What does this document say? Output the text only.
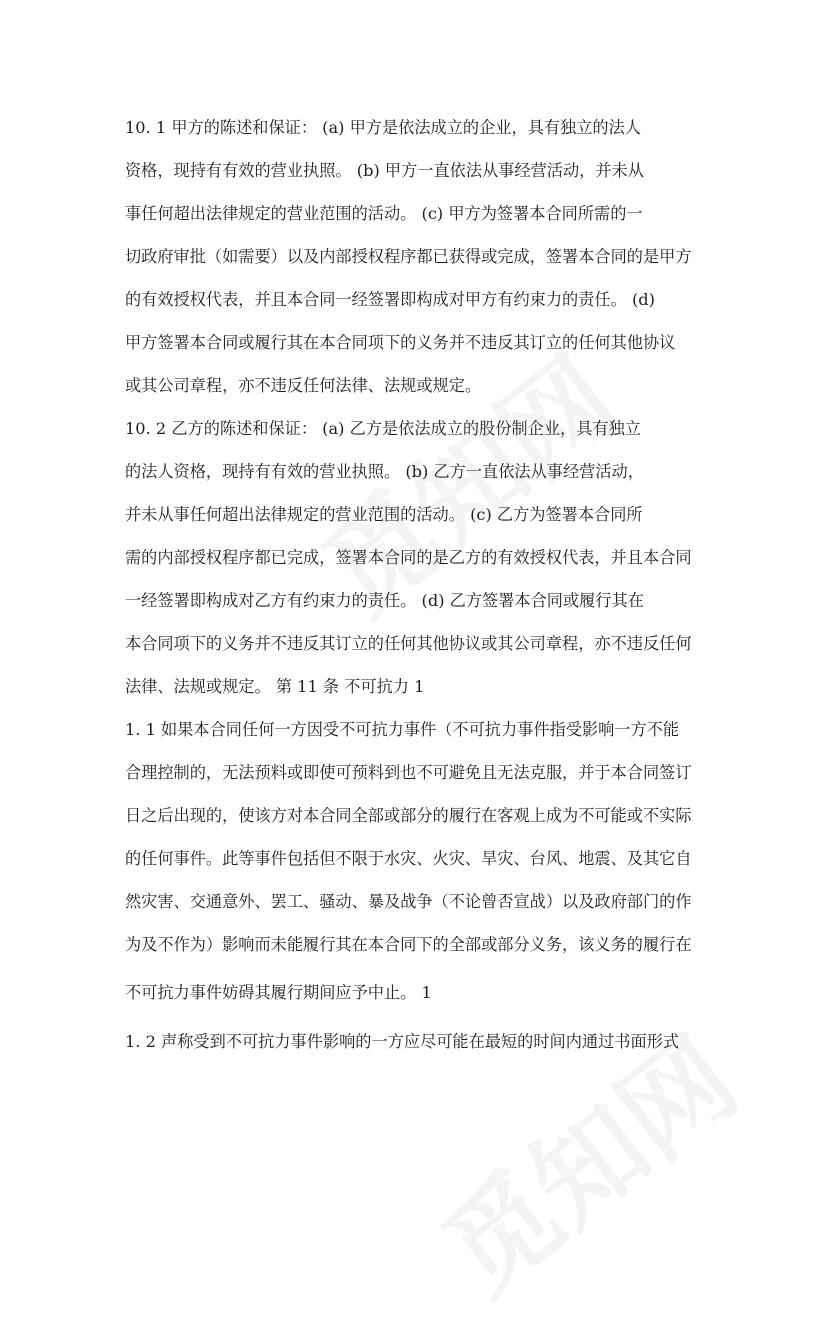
10. 1 甲方的陈述和保证： (a) 甲方是依法成立的企业，具有独立的法人
资格，现持有有效的营业执照。 (b) 甲方一直依法从事经营活动，并未从
事任何超出法律规定的营业范围的活动。 (c) 甲方为签署本合同所需的一
切政府审批（如需要）以及内部授权程序都已获得或完成，签署本合同的是甲方
的有效授权代表，并且本合同一经签署即构成对甲方有约束力的责任。 (d)
甲方签署本合同或履行其在本合同项下的义务并不违反其订立的任何其他协议
或其公司章程，亦不违反任何法律、法规或规定。
10. 2 乙方的陈述和保证： (a) 乙方是依法成立的股份制企业，具有独立
的法人资格，现持有有效的营业执照。 (b) 乙方一直依法从事经营活动，
并未从事任何超出法律规定的营业范围的活动。 (c) 乙方为签署本合同所
需的内部授权程序都已完成，签署本合同的是乙方的有效授权代表，并且本合同
一经签署即构成对乙方有约束力的责任。 (d) 乙方签署本合同或履行其在
本合同项下的义务并不违反其订立的任何其他协议或其公司章程，亦不违反任何
法律、法规或规定。 第 11 条 不可抗力 1
1. 1 如果本合同任何一方因受不可抗力事件（不可抗力事件指受影响一方不能
合理控制的，无法预料或即使可预料到也不可避免且无法克服，并于本合同签订
日之后出现的，使该方对本合同全部或部分的履行在客观上成为不可能或不实际
的任何事件。此等事件包括但不限于水灾、火灾、旱灾、台风、地震、及其它自
然灾害、交通意外、罢工、骚动、暴及战争（不论曾否宣战）以及政府部门的作
为及不作为）影响而未能履行其在本合同下的全部或部分义务，该义务的履行在
不可抗力事件妨碍其履行期间应予中止。 1
1. 2 声称受到不可抗力事件影响的一方应尽可能在最短的时间内通过书面形式
